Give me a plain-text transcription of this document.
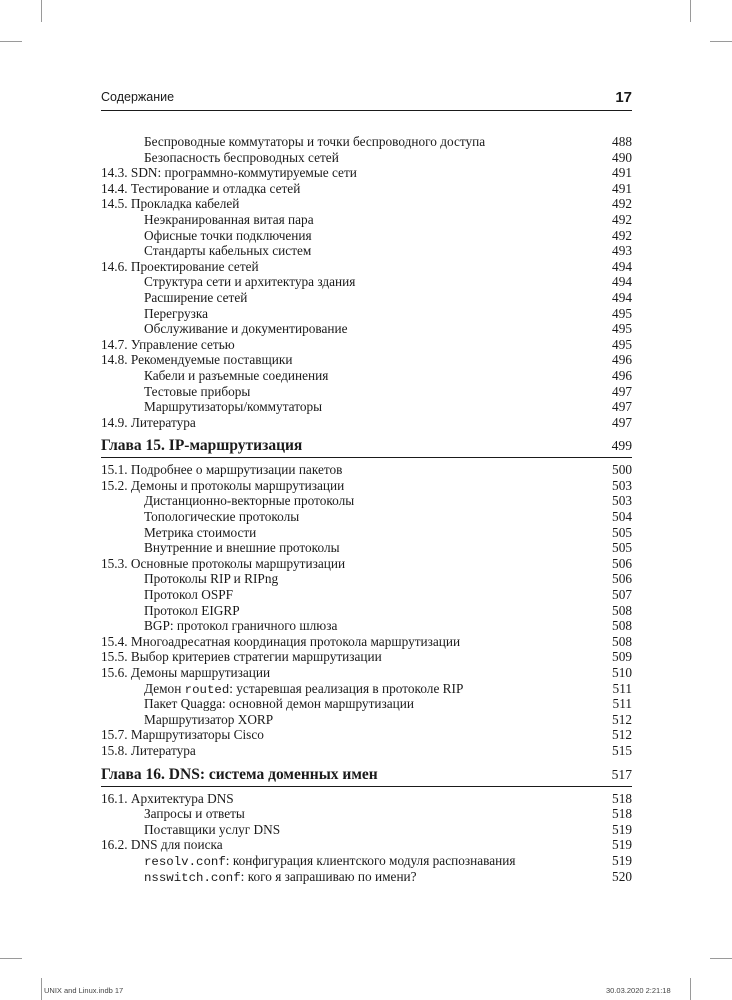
Содержание	17
Беспроводные коммутаторы и точки беспроводного доступа	488
Безопасность беспроводных сетей	490
14.3. SDN: программно-коммутируемые сети	491
14.4. Тестирование и отладка сетей	491
14.5. Прокладка кабелей	492
Неэкранированная витая пара	492
Офисные точки подключения	492
Стандарты кабельных систем	493
14.6. Проектирование сетей	494
Структура сети и архитектура здания	494
Расширение сетей	494
Перегрузка	495
Обслуживание и документирование	495
14.7. Управление сетью	495
14.8. Рекомендуемые поставщики	496
Кабели и разъемные соединения	496
Тестовые приборы	497
Маршрутизаторы/коммутаторы	497
14.9. Литература	497
Глава 15. IP-маршрутизация	499
15.1. Подробнее о маршрутизации пакетов	500
15.2. Демоны и протоколы маршрутизации	503
Дистанционно-векторные протоколы	503
Топологические протоколы	504
Метрика стоимости	505
Внутренние и внешние протоколы	505
15.3. Основные протоколы маршрутизации	506
Протоколы RIP и RIPng	506
Протокол OSPF	507
Протокол EIGRP	508
BGP: протокол граничного шлюза	508
15.4. Многоадресатная координация протокола маршрутизации	508
15.5. Выбор критериев стратегии маршрутизации	509
15.6. Демоны маршрутизации	510
Демон routed: устаревшая реализация в протоколе RIP	511
Пакет Quagga: основной демон маршрутизации	511
Маршрутизатор XORP	512
15.7. Маршрутизаторы Cisco	512
15.8. Литература	515
Глава 16. DNS: система доменных имен	517
16.1. Архитектура DNS	518
Запросы и ответы	518
Поставщики услуг DNS	519
16.2. DNS для поиска	519
resolv.conf: конфигурация клиентского модуля распознавания	519
nsswitch.conf: кого я запрашиваю по имени?	520
UNIX and Linux.indb 17	30.03.2020 2:21:18
